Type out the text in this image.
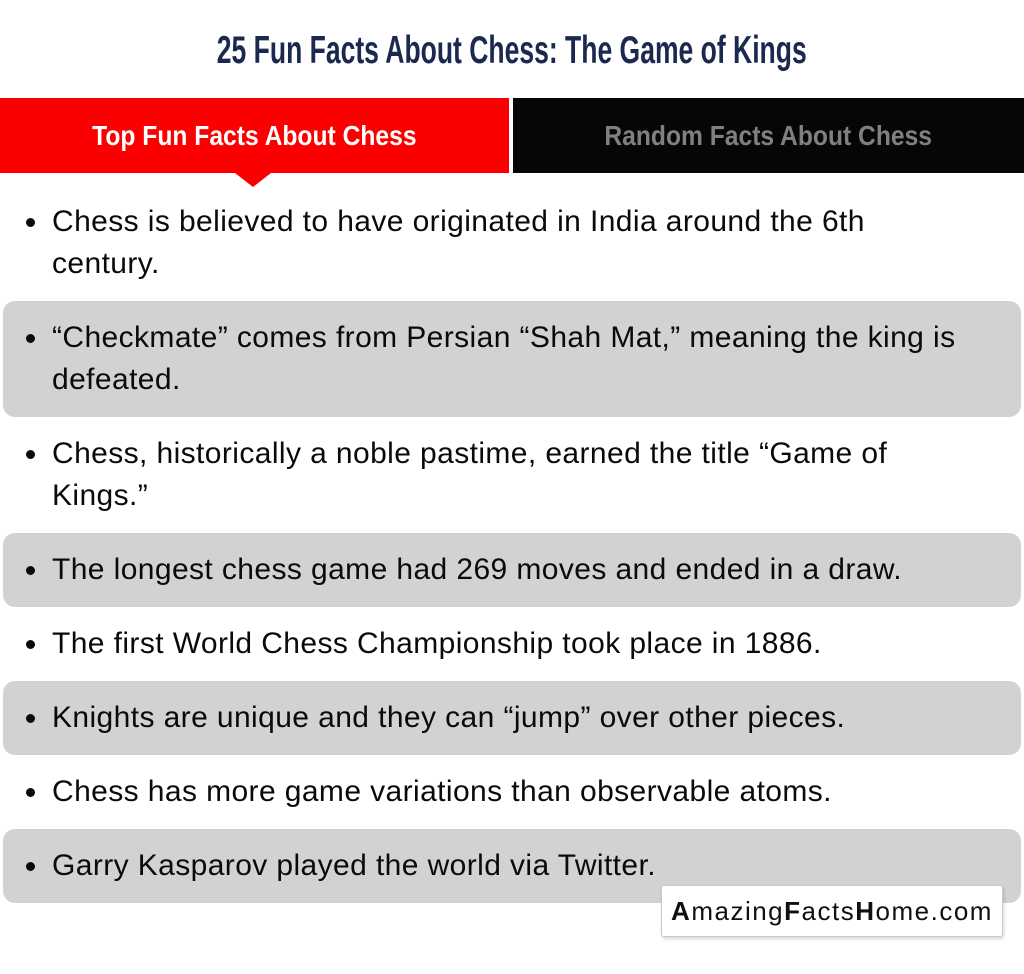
25 Fun Facts About Chess: The Game of Kings
Top Fun Facts About Chess	Random Facts About Chess
Chess is believed to have originated in India around the 6th
century.
“Checkmate” comes from Persian “Shah Mat,” meaning the king is
defeated.
Chess, historically a noble pastime, earned the title “Game of
Kings.”
The longest chess game had 269 moves and ended in a draw.
The first World Chess Championship took place in 1886.
Knights are unique and they can “jump” over other pieces.
Chess has more game variations than observable atoms.
Garry Kasparov played the world via Twitter.
AmazingFactsHome.com
